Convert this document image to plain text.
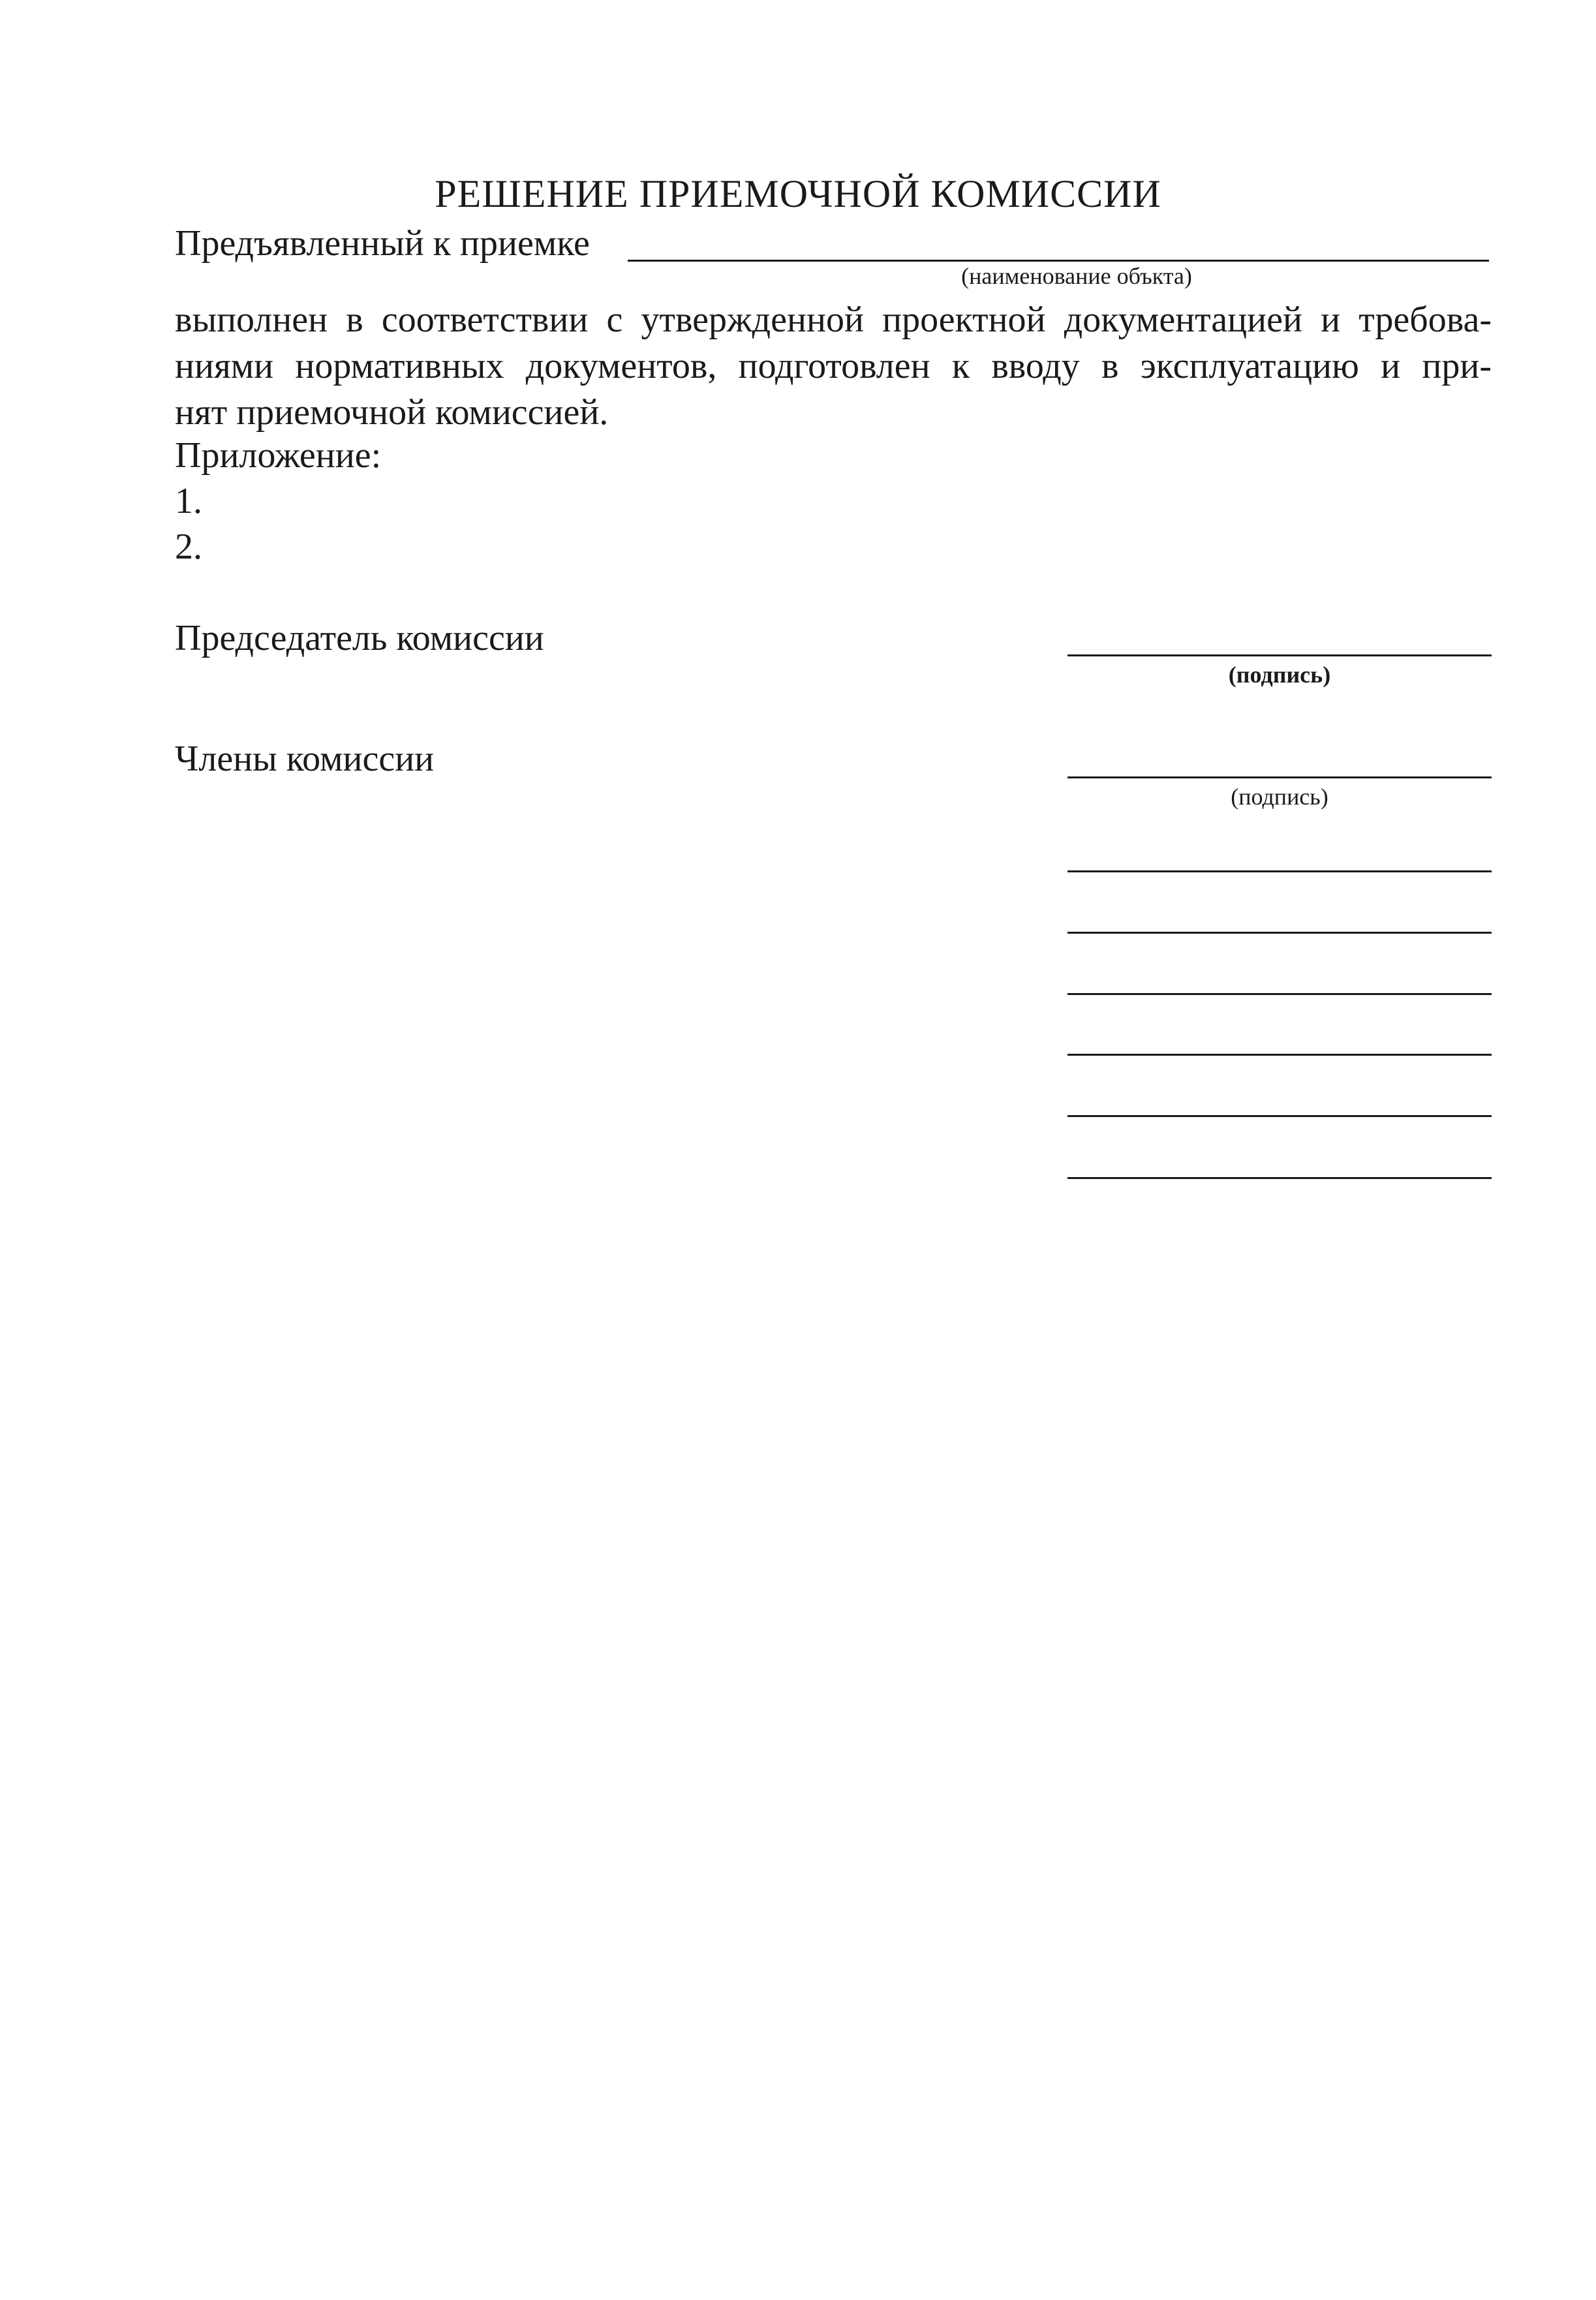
РЕШЕНИЕ ПРИЕМОЧНОЙ КОМИССИИ
Предъявленный к приемке
(наименование объкта)
выполнен в соответствии с утвержденной проектной документацией и требова-
ниями нормативных документов, подготовлен к вводу в эксплуатацию и при-
нят приемочной комиссией.
Приложение:
1.
2.
Председатель комиссии
(подпись)
Члены комиссии
(подпись)
